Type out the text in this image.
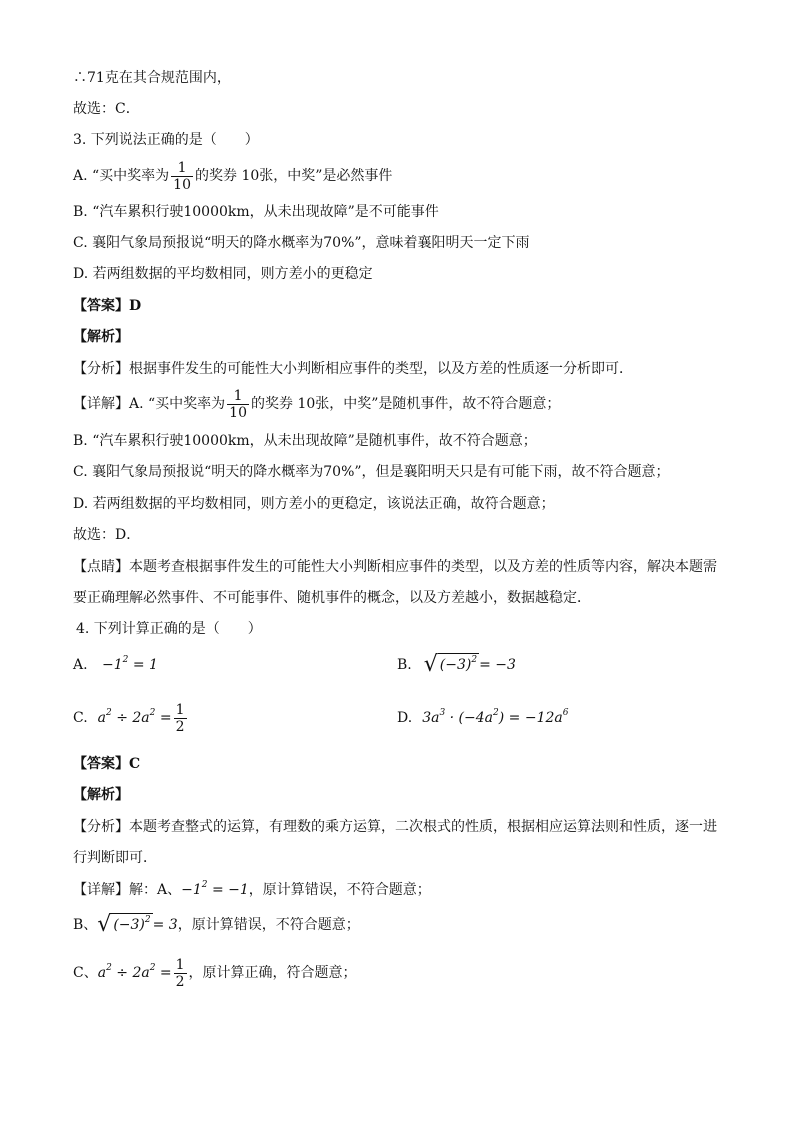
∴71克在其合规范围内，
故选：C．
3. 下列说法正确的是（　　）
A. “买中奖率为 $\frac{1}{10}$ 的奖券 10张，中奖”是必然事件
B. “汽车累积行驶10000km，从未出现故障”是不可能事件
C. 襄阳气象局预报说“明天的降水概率为70%”，意味着襄阳明天一定下雨
D. 若两组数据的平均数相同，则方差小的更稳定
【答案】D
【解析】
【分析】根据事件发生的可能性大小判断相应事件的类型，以及方差的性质逐一分析即可．
【详解】A. “买中奖率为 $\frac{1}{10}$ 的奖券 10张，中奖”是随机事件，故不符合题意；
B. “汽车累积行驶10000km，从未出现故障”是随机事件，故不符合题意；
C. 襄阳气象局预报说“明天的降水概率为70%”，但是襄阳明天只是有可能下雨，故不符合题意；
D. 若两组数据的平均数相同，则方差小的更稳定，该说法正确，故符合题意；
故选：D．
【点睛】本题考查根据事件发生的可能性大小判断相应事件的类型，以及方差的性质等内容，解决本题需
要正确理解必然事件、不可能事件、随机事件的概念，以及方差越小，数据越稳定．
4. 下列计算正确的是（　　）
A. $-1^2 = 1$	B. √ $(-3)^2 = -3$
C. $a^2 \div 2a^2 = \frac{1}{2}$	D. $3a^3 \cdot (-4a^2) = -12a^6$
【答案】C
【解析】
【分析】本题考查整式的运算，有理数的乘方运算，二次根式的性质，根据相应运算法则和性质，逐一进
行判断即可．
【详解】解：A、$-1^2 = -1$，原计算错误，不符合题意；
B、 √ $(-3)^2 = 3$ ，原计算错误，不符合题意；
C、 $a^2 \div 2a^2 = \frac{1}{2}$ ，原计算正确，符合题意；
